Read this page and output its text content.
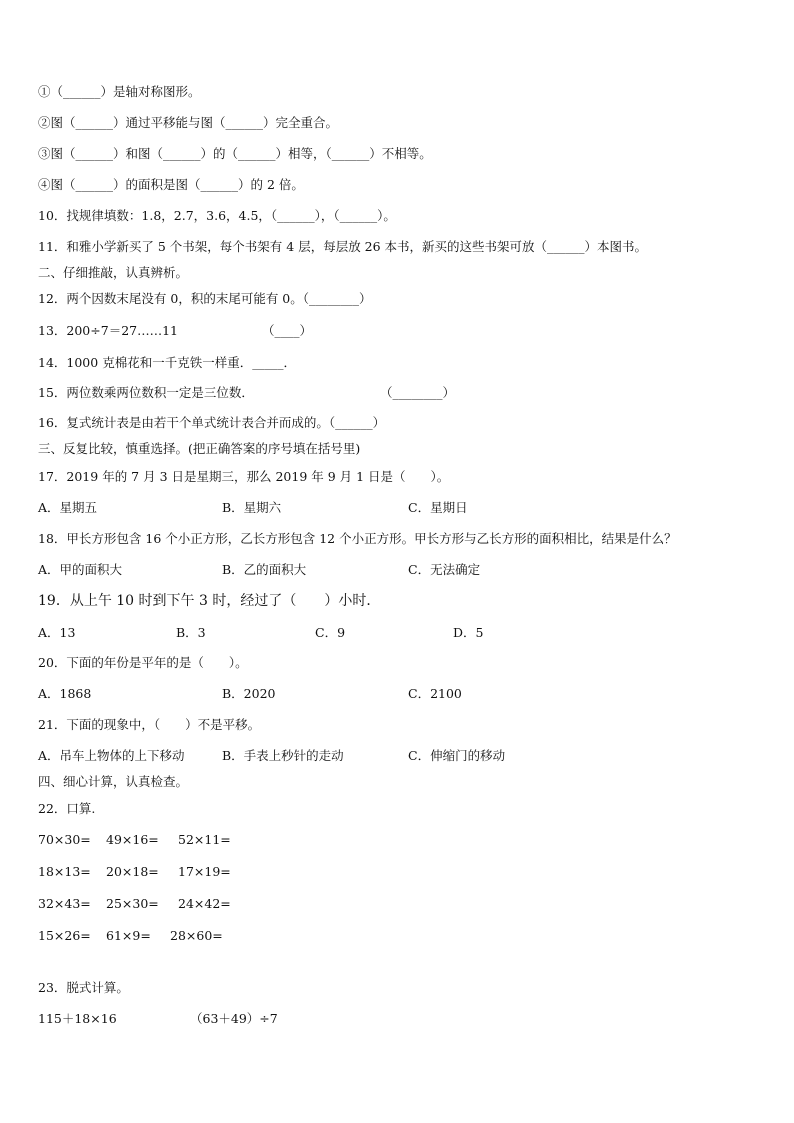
①（______）是轴对称图形。
②图（______）通过平移能与图（______）完全重合。
③图（______）和图（______）的（______）相等，（______）不相等。
④图（______）的面积是图（______）的 2 倍。
10．找规律填数：1.8，2.7，3.6，4.5，（______），（______）。
11．和雅小学新买了 5 个书架，每个书架有 4 层，每层放 26 本书，新买的这些书架可放（______）本图书。
二、仔细推敲，认真辨析。
12．两个因数末尾没有 0，积的末尾可能有 0。（________）
13．200÷7＝27……11	（____）
14．1000 克棉花和一千克铁一样重．_____．
15．两位数乘两位数积一定是三位数．	（________）
16．复式统计表是由若干个单式统计表合并而成的。（______）
三、反复比较，慎重选择。(把正确答案的序号填在括号里)
17．2019 年的 7 月 3 日是星期三，那么 2019 年 9 月 1 日是（　　）。
A．星期五	B．星期六	C．星期日
18．甲长方形包含 16 个小正方形，乙长方形包含 12 个小正方形。甲长方形与乙长方形的面积相比，结果是什么？
A．甲的面积大	B．乙的面积大	C．无法确定
19．从上午 10 时到下午 3 时，经过了（　　）小时．
A．13	B．3	C．9	D．5
20．下面的年份是平年的是（　　）。
A．1868	B．2020	C．2100
21．下面的现象中，（　　）不是平移。
A．吊车上物体的上下移动	B．手表上秒针的走动	C．伸缩门的移动
四、细心计算，认真检查。
22．口算.
70×30= 49×16= 52×11=
18×13= 20×18= 17×19=
32×43= 25×30= 24×42=
15×26= 61×9= 28×60=
23．脱式计算。
115＋18×16	（63＋49）÷7
